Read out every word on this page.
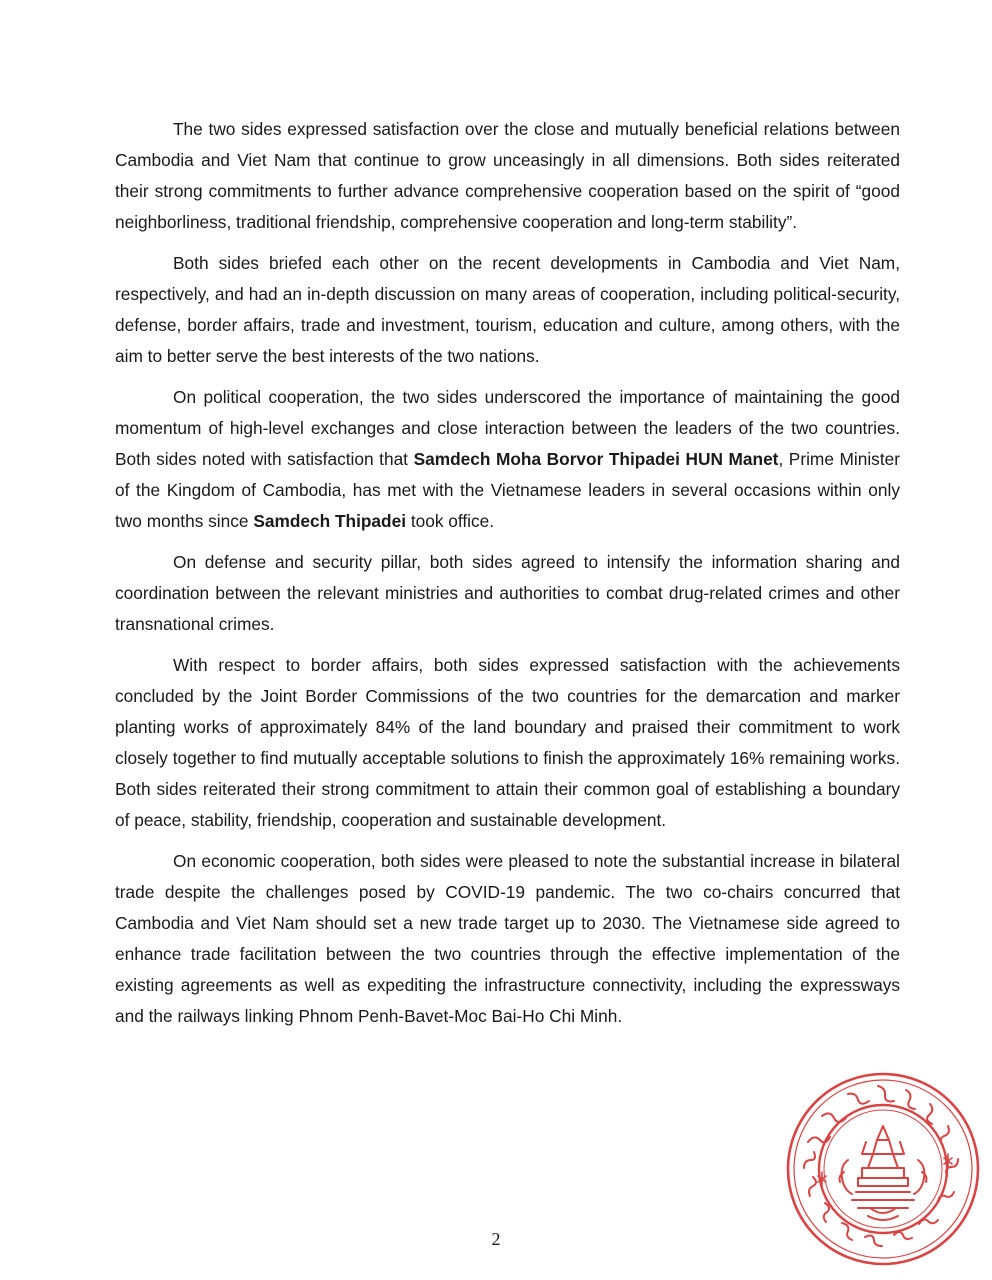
The two sides expressed satisfaction over the close and mutually beneficial relations between Cambodia and Viet Nam that continue to grow unceasingly in all dimensions. Both sides reiterated their strong commitments to further advance comprehensive cooperation based on the spirit of “good neighborliness, traditional friendship, comprehensive cooperation and long-term stability”.

Both sides briefed each other on the recent developments in Cambodia and Viet Nam, respectively, and had an in-depth discussion on many areas of cooperation, including political-security, defense, border affairs, trade and investment, tourism, education and culture, among others, with the aim to better serve the best interests of the two nations.

On political cooperation, the two sides underscored the importance of maintaining the good momentum of high-level exchanges and close interaction between the leaders of the two countries. Both sides noted with satisfaction that Samdech Moha Borvor Thipadei HUN Manet, Prime Minister of the Kingdom of Cambodia, has met with the Vietnamese leaders in several occasions within only two months since Samdech Thipadei took office.

On defense and security pillar, both sides agreed to intensify the information sharing and coordination between the relevant ministries and authorities to combat drug-related crimes and other transnational crimes.

With respect to border affairs, both sides expressed satisfaction with the achievements concluded by the Joint Border Commissions of the two countries for the demarcation and marker planting works of approximately 84% of the land boundary and praised their commitment to work closely together to find mutually acceptable solutions to finish the approximately 16% remaining works. Both sides reiterated their strong commitment to attain their common goal of establishing a boundary of peace, stability, friendship, cooperation and sustainable development.

On economic cooperation, both sides were pleased to note the substantial increase in bilateral trade despite the challenges posed by COVID-19 pandemic. The two co-chairs concurred that Cambodia and Viet Nam should set a new trade target up to 2030. The Vietnamese side agreed to enhance trade facilitation between the two countries through the effective implementation of the existing agreements as well as expediting the infrastructure connectivity, including the expressways and the railways linking Phnom Penh-Bavet-Moc Bai-Ho Chi Minh.

2
